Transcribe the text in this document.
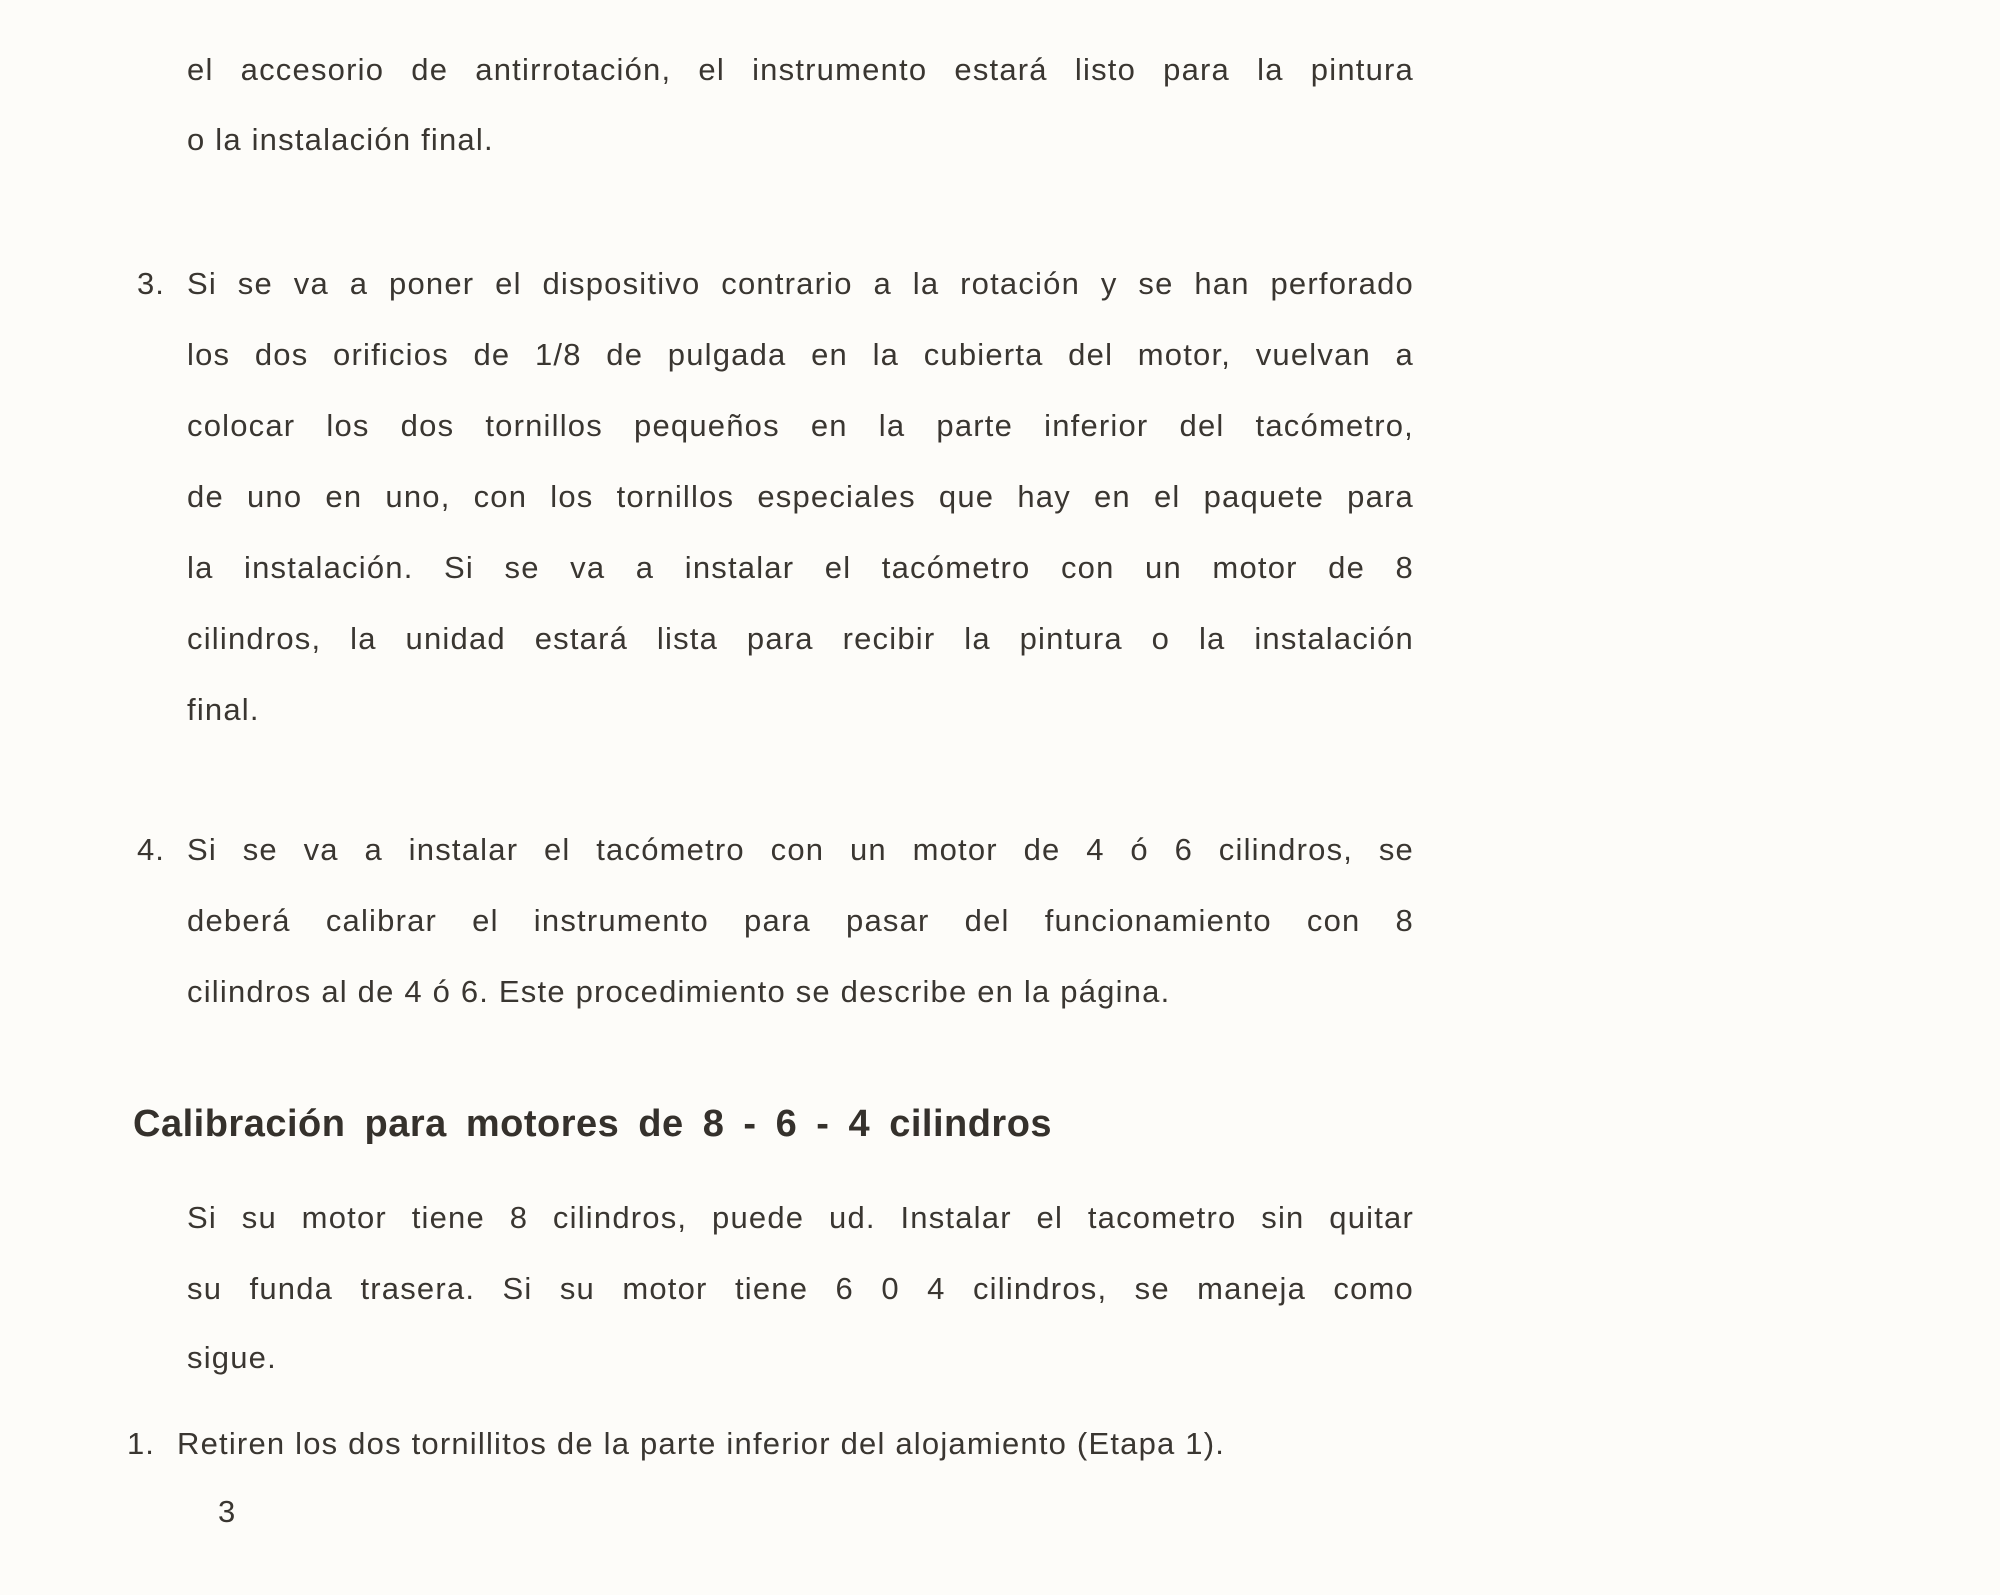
el accesorio de antirrotación, el instrumento estará listo para la pintura
o la instalación final.
3. Si se va a poner el dispositivo contrario a la rotación y se han perforado
los dos orificios de 1/8 de pulgada en la cubierta del motor, vuelvan a
colocar los dos tornillos pequeños en la parte inferior del tacómetro,
de uno en uno, con los tornillos especiales que hay en el paquete para
la instalación. Si se va a instalar el tacómetro con un motor de 8
cilindros, la unidad estará lista para recibir la pintura o la instalación
final.
4. Si se va a instalar el tacómetro con un motor de 4 ó 6 cilindros, se
deberá calibrar el instrumento para pasar del funcionamiento con 8
cilindros al de 4 ó 6. Este procedimiento se describe en la página.
Calibración para motores de 8 - 6 - 4 cilindros
Si su motor tiene 8 cilindros, puede ud. Instalar el tacometro sin quitar
su funda trasera. Si su motor tiene 6 0 4 cilindros, se maneja como
sigue.
1. Retiren los dos tornillitos de la parte inferior del alojamiento (Etapa 1).
3
